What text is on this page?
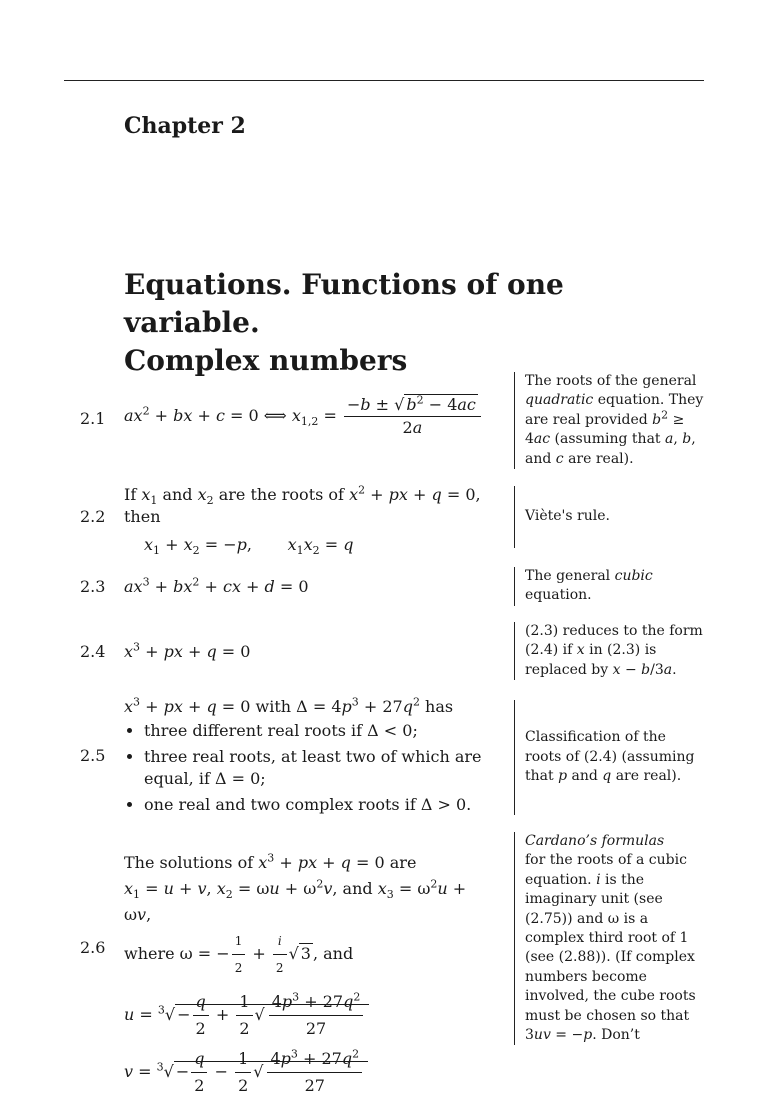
Chapter 2
Equations. Functions of one variable.
Complex numbers
2.1 $ax^2$ + bx + c = 0 ⟺ $x_{1,2} = \frac{-b \pm √ b^2 - 4ac}{2a}$
The roots of the general quadratic equation. They are real provided $b^2 \ge 4ac$ (assuming that a, b, and c are real).
2.2
If $x_1$ and $x_2$ are the roots of $x^2$ + px + q = 0, then
$x_1 + x_2 = -p$,       $x_1x_2 = q$
Viète's rule.
2.3 $ax^3 + bx^2$ + cx + d = 0
The general cubic equation.
2.4 $x^3$ + px + q = 0
(2.3) reduces to the form (2.4) if x in (2.3) is replaced by x − b/3a.
2.5
$x^3$ + px + q = 0 with $\Delta = 4p^3 + 27q^2$ has
• three different real roots if Δ < 0;
• three real roots, at least two of which are equal, if Δ = 0;
• one real and two complex roots if Δ > 0.
Classification of the roots of (2.4) (assuming that p and q are real).
2.6
The solutions of $x^3$ + px + q = 0 are
$x_1 = u + v$, $x_2 = \omega u + \omega^2v$, and $x_3 = \omega^2u + \omega v$,
where ω = − $\frac{1}{2} + \frac{i}{2}$ √ 3 , and
$u = ^3√ - \frac{q}{2} + \frac{1}{2}$ √ $\frac{4p^3 + 27q^2}{27}$
$v = ^3√ - \frac{q}{2} - \frac{1}{2}$ √ $\frac{4p^3 + 27q^2}{27}$
Cardano’s formulas
for the roots of a cubic equation. i is the imaginary unit (see (2.75)) and ω is a complex third root of 1 (see (2.88)). (If complex numbers become involved, the cube roots must be chosen so that 3uv = −p. Don’t
